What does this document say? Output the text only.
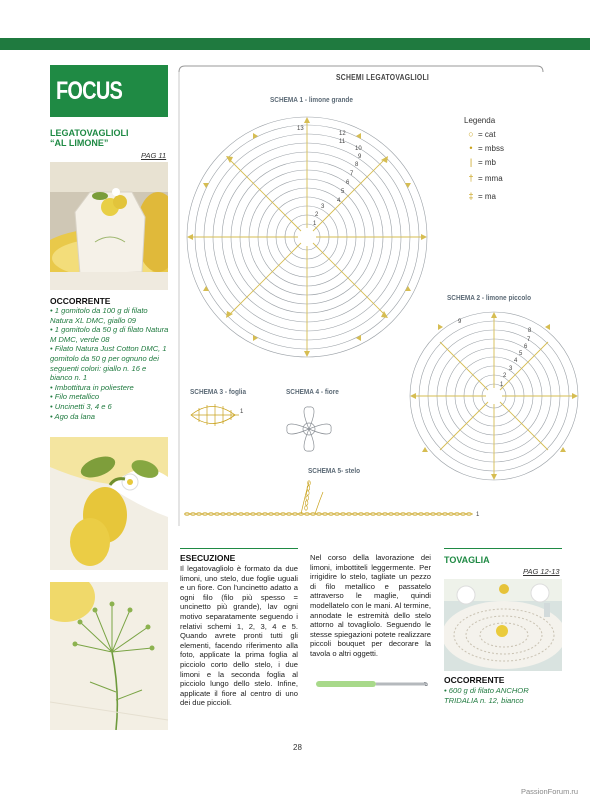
FOCUS
LEGATOVAGLIOLI
“AL LIMONE”
PAG 11
OCCORRENTE
• 1 gomitolo da 100 g di filato Natura XL DMC, giallo 09
• 1 gomitolo da 50 g di filato Natura M DMC, verde 08
• Filato Natura Just Cotton DMC, 1 gomitolo da 50 g per ognuno dei seguenti colori: giallo n. 16 e bianco n. 1
• Imbottitura in poliestere
• Filo metallico
• Uncinetti 3, 4 e 6
• Ago da lana
SCHEMI LEGATOVAGLIOLI
SCHEMA 1 - limone grande
1
2
3
4
5
6
7
8
9
10
11
12
13
Legenda
○ = cat
• = mbss
| = mb
† = mma
‡ = ma
SCHEMA 2 - limone piccolo
1
2
3
4
5
6
7
8
9
SCHEMA 3 - foglia
1
SCHEMA 4 - fiore
SCHEMA 5- stelo
1
ESECUZIONE

Il legatovagliolo è formato da due limoni, uno stelo, due foglie uguali e un fiore. Con l'uncinetto adatto a ogni filo (filo più spesso = uncinetto più grande), lav ogni motivo separatamente seguendo i relativi schemi 1, 2, 3, 4 e 5. Quando avrete pronti tutti gli elementi, facendo riferimento alla foto, applicate la prima foglia al picciolo corto dello stelo, i due limoni e la seconda foglia al picciolo lungo dello stelo. Infine, applicate il fiore al centro di uno dei due piccioli.

Nel corso della lavorazione dei limoni, imbottiteli leggermente. Per irrigidire lo stelo, tagliate un pezzo di filo metallico e passatelo attraverso le maglie, quindi modellatelo con le mani. Al termine, annodate le estremità dello stelo attorno al tovagliolo. Seguendo le stesse spiegazioni potete realizzare piccoli bouquet per decorare la tavola o altri oggetti.

TOVAGLIA
PAG 12-13
OCCORRENTE
• 600 g di filato ANCHOR TRIDALIA n. 12, bianco
28
PassionForum.ru
